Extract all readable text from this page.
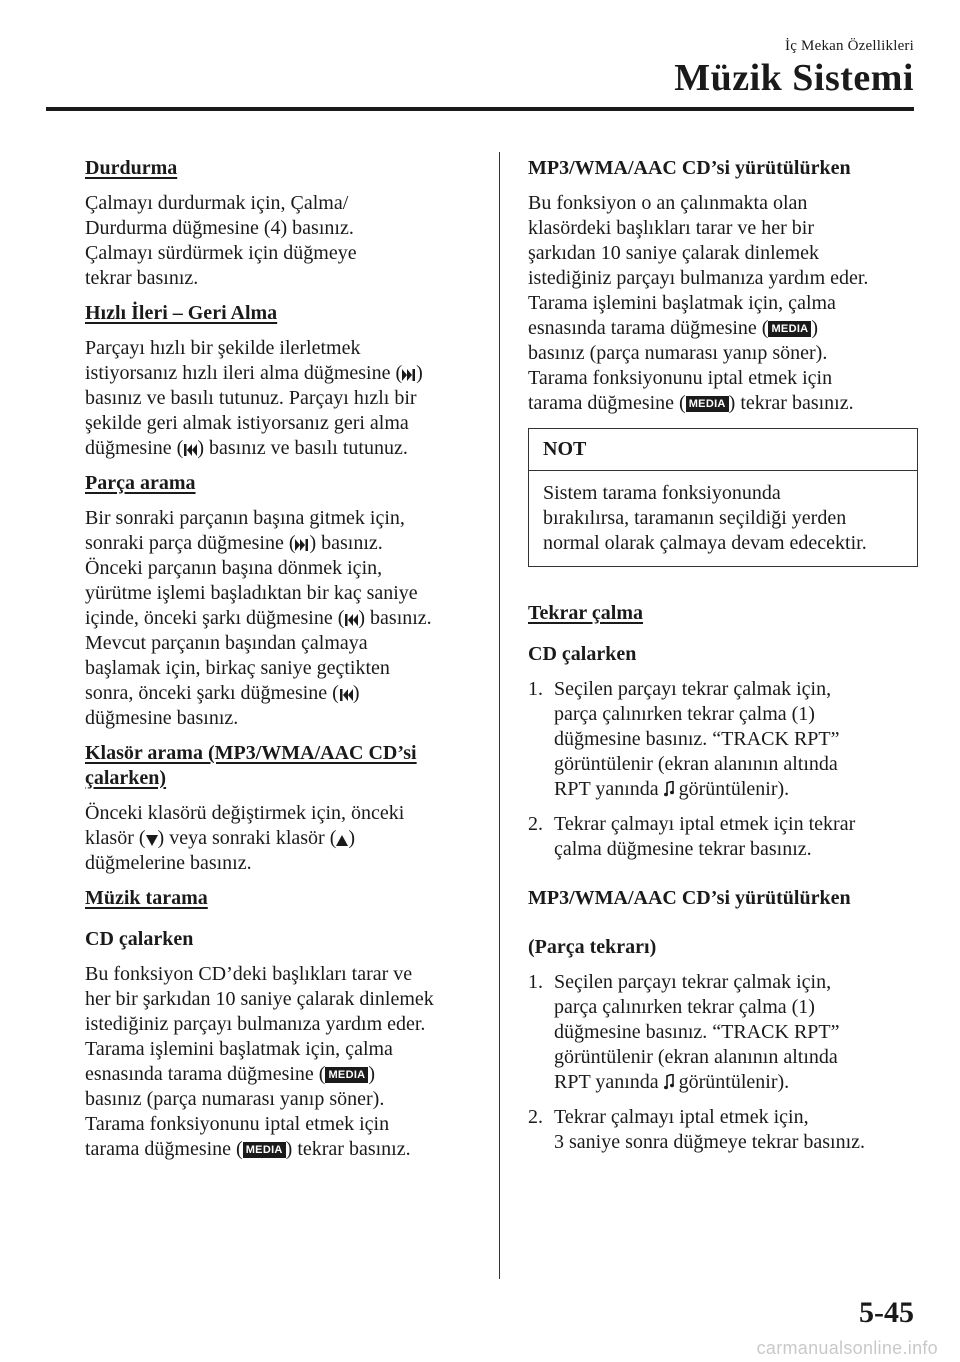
İç Mekan Özellikleri
Müzik Sistemi
Durdurma

Çalmayı durdurmak için, Çalma/
Durdurma düğmesine (4) basınız.
Çalmayı sürdürmek için düğmeye
tekrar basınız.

Hızlı İleri – Geri Alma

Parçayı hızlı bir şekilde ilerletmek
istiyorsanız hızlı ileri alma düğmesine ( )
basınız ve basılı tutunuz. Parçayı hızlı bir
şekilde geri almak istiyorsanız geri alma
düğmesine ( ) basınız ve basılı tutunuz.

Parça arama

Bir sonraki parçanın başına gitmek için,
sonraki parça düğmesine ( ) basınız.
Önceki parçanın başına dönmek için,
yürütme işlemi başladıktan bir kaç saniye
içinde, önceki şarkı düğmesine ( ) basınız.
Mevcut parçanın başından çalmaya
başlamak için, birkaç saniye geçtikten
sonra, önceki şarkı düğmesine ( )
düğmesine basınız.

Klasör arama (MP3/WMA/AAC CD’si
çalarken)

Önceki klasörü değiştirmek için, önceki
klasör ( ) veya sonraki klasör ( )
düğmelerine basınız.

Müzik tarama
CD çalarken

Bu fonksiyon CD’deki başlıkları tarar ve
her bir şarkıdan 10 saniye çalarak dinlemek
istediğiniz parçayı bulmanıza yardım eder.
Tarama işlemini başlatmak için, çalma
esnasında tarama düğmesine ( MEDIA )
basınız (parça numarası yanıp söner).
Tarama fonksiyonunu iptal etmek için
tarama düğmesine ( MEDIA ) tekrar basınız.

MP3/WMA/AAC CD’si yürütülürken

Bu fonksiyon o an çalınmakta olan
klasördeki başlıkları tarar ve her bir
şarkıdan 10 saniye çalarak dinlemek
istediğiniz parçayı bulmanıza yardım eder.
Tarama işlemini başlatmak için, çalma
esnasında tarama düğmesine ( MEDIA )
basınız (parça numarası yanıp söner).
Tarama fonksiyonunu iptal etmek için
tarama düğmesine ( MEDIA ) tekrar basınız.

NOT
Sistem tarama fonksiyonunda
bırakılırsa, taramanın seçildiği yerden
normal olarak çalmaya devam edecektir.
Tekrar çalma
CD çalarken
1. Seçilen parçayı tekrar çalmak için,
parça çalınırken tekrar çalma (1)
düğmesine basınız. “TRACK RPT”
görüntülenir (ekran alanının altında
RPT yanında görüntülenir).
2. Tekrar çalmayı iptal etmek için tekrar
çalma düğmesine tekrar basınız.
MP3/WMA/AAC CD’si yürütülürken
(Parça tekrarı)
1. Seçilen parçayı tekrar çalmak için,
parça çalınırken tekrar çalma (1)
düğmesine basınız. “TRACK RPT”
görüntülenir (ekran alanının altında
RPT yanında görüntülenir).
2. Tekrar çalmayı iptal etmek için,
3 saniye sonra düğmeye tekrar basınız.
5-45
carmanualsonline.info
